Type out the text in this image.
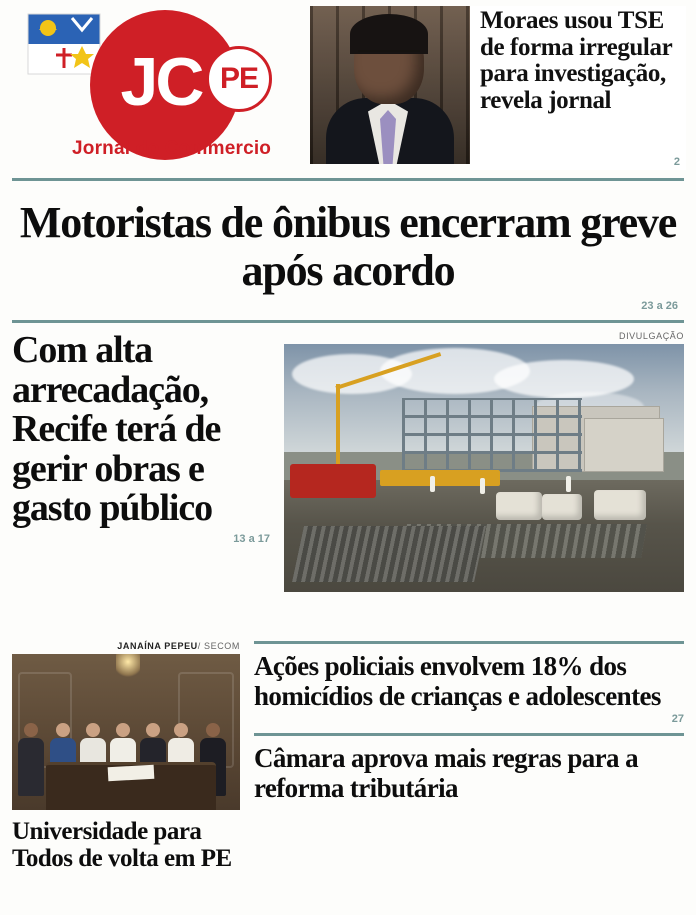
JC PE
Jornal do Commercio
Moraes usou TSE de forma irregular para investigação, revela jornal
2
Motoristas de ônibus encerram greve após acordo
23 a 26
Com alta arrecadação, Recife terá de gerir obras e gasto público
13 a 17
DIVULGAÇÃO
JANAÍNA PEPEU/ SECOM
Universidade para Todos de volta em PE
Ações policiais envolvem 18% dos homicídios de crianças e adolescentes
27
Câmara aprova mais regras para a reforma tributária
